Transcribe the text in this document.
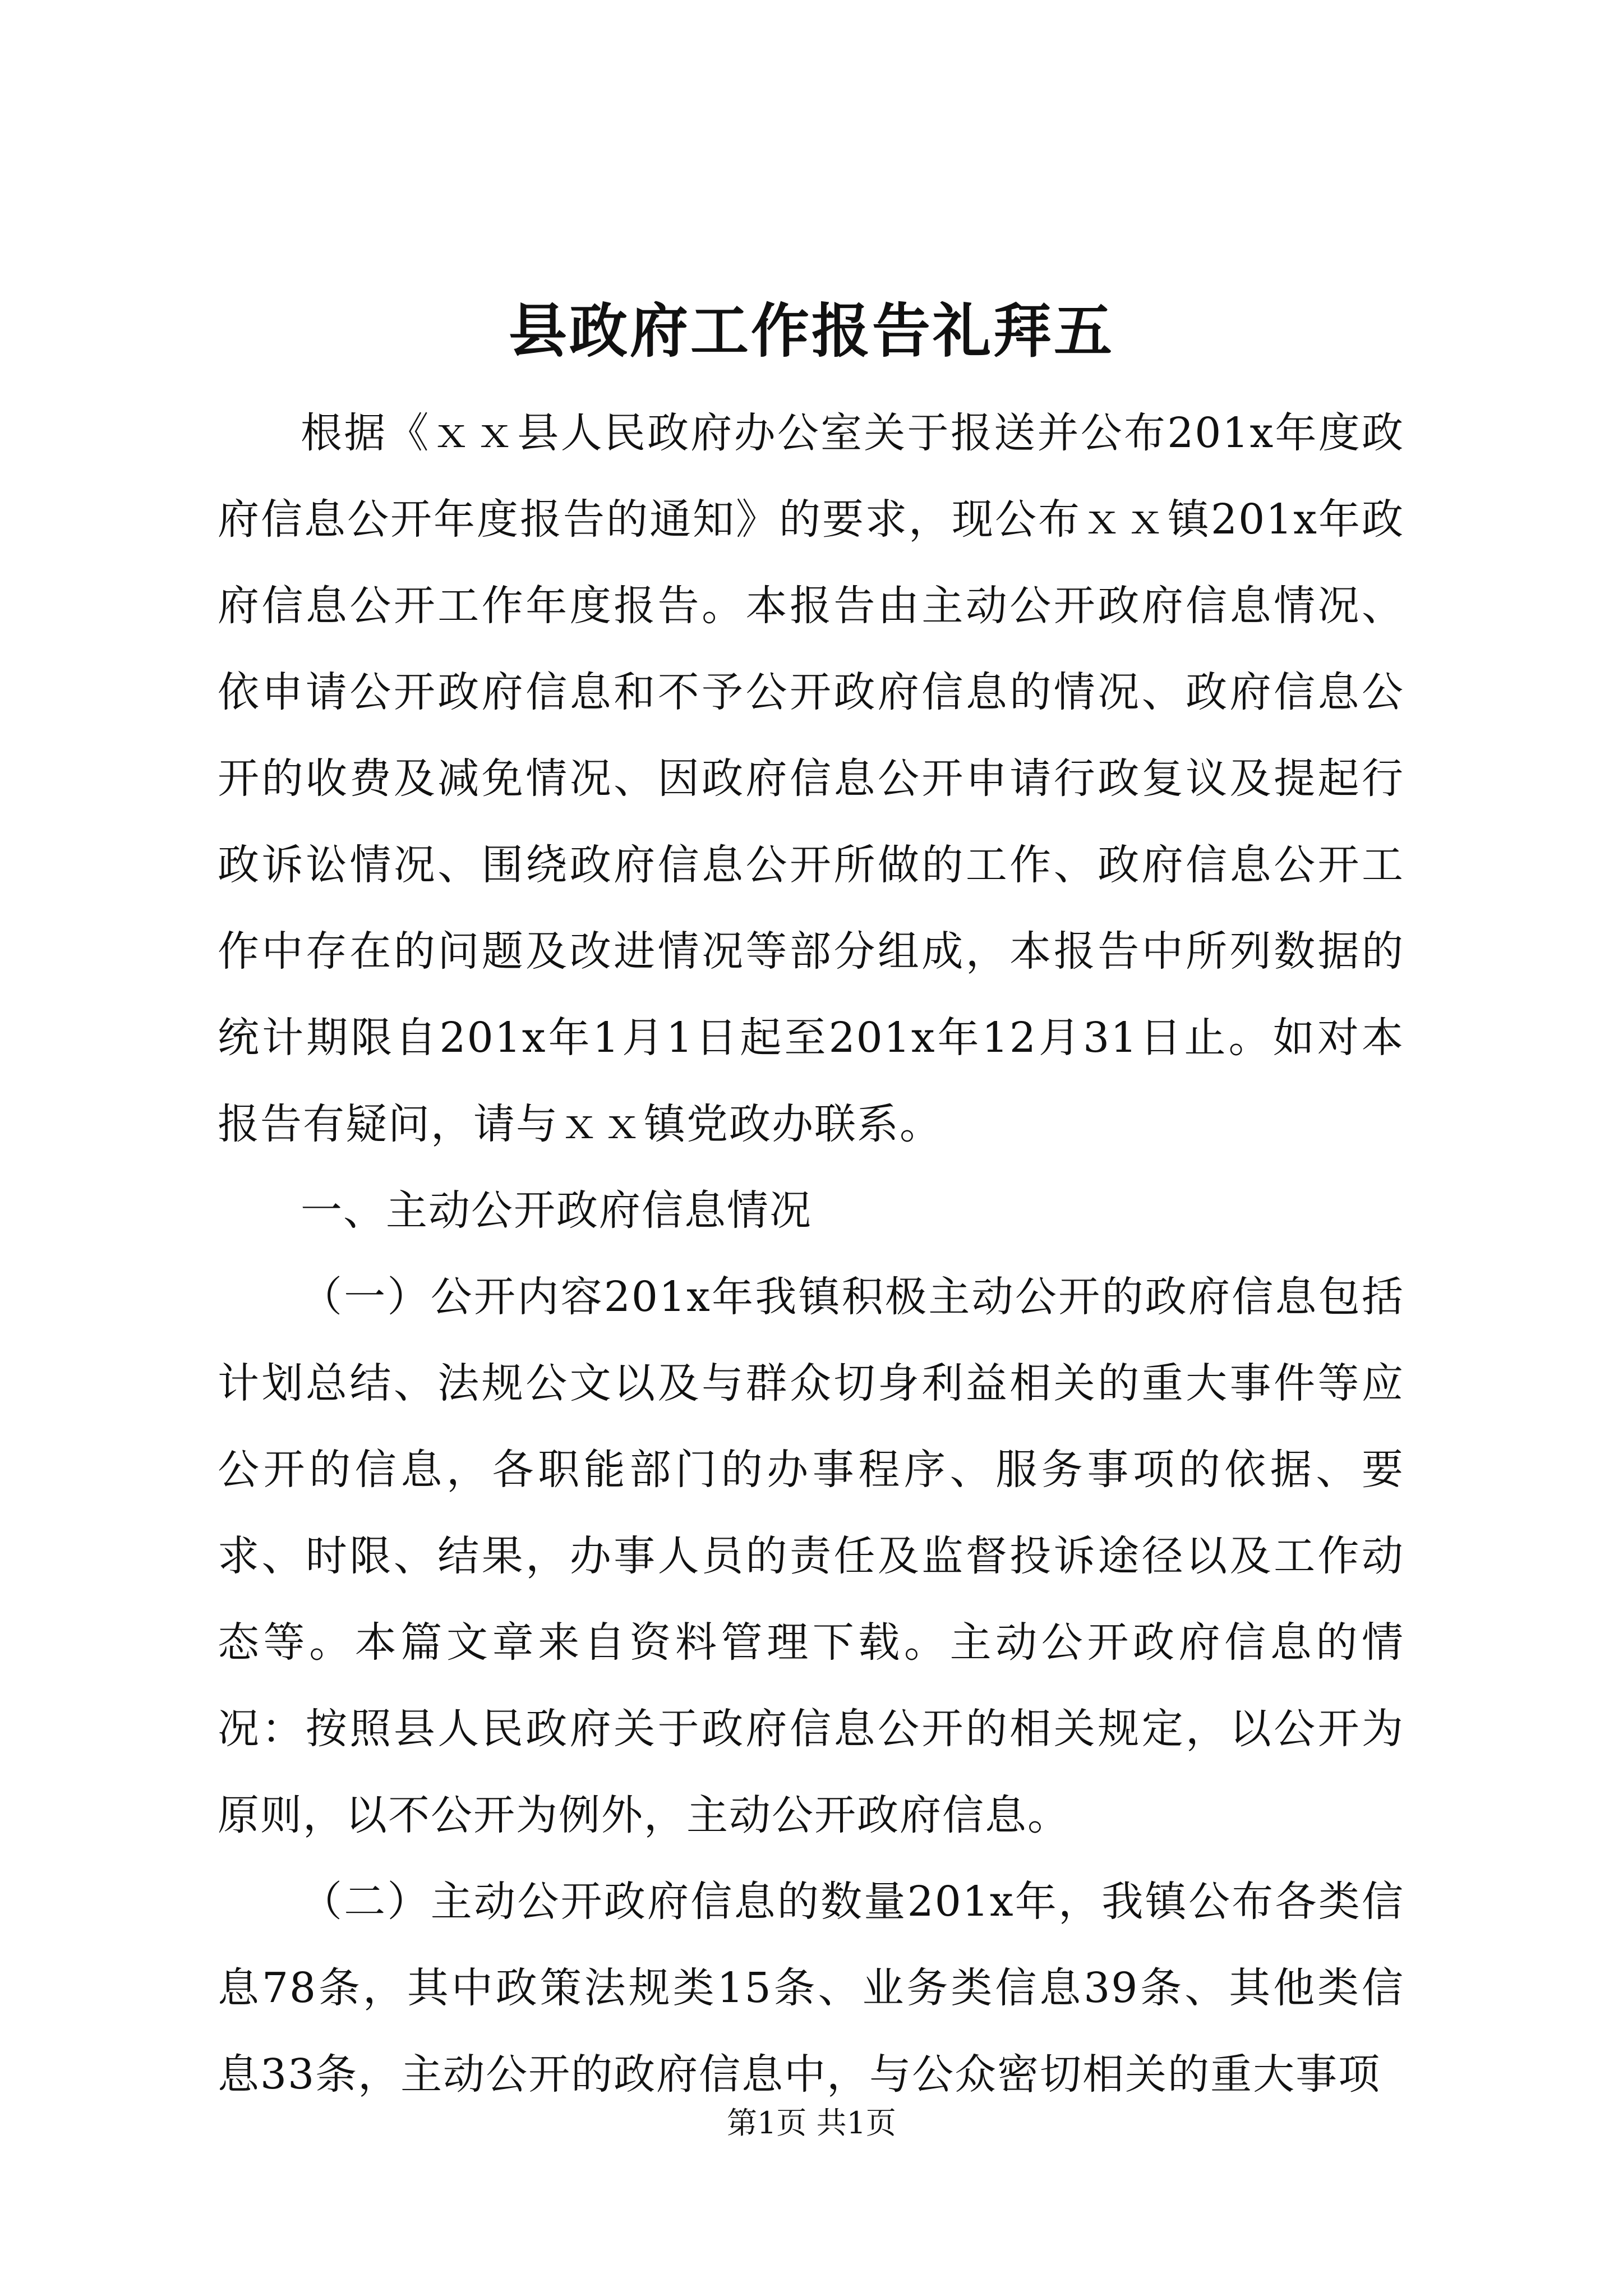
县政府工作报告礼拜五

根据《ｘｘ县人民政府办公室关于报送并公布201x年度政府信息公开年度报告的通知》的要求，现公布ｘｘ镇201x年政府信息公开工作年度报告。本报告由主动公开政府信息情况、依申请公开政府信息和不予公开政府信息的情况、政府信息公开的收费及减免情况、因政府信息公开申请行政复议及提起行政诉讼情况、围绕政府信息公开所做的工作、政府信息公开工作中存在的问题及改进情况等部分组成，本报告中所列数据的统计期限自201x年1月1日起至201x年12月31日止。如对本报告有疑问，请与ｘｘ镇党政办联系。

一、主动公开政府信息情况

（一）公开内容201x年我镇积极主动公开的政府信息包括计划总结、法规公文以及与群众切身利益相关的重大事件等应公开的信息，各职能部门的办事程序、服务事项的依据、要求、时限、结果，办事人员的责任及监督投诉途径以及工作动态等。本篇文章来自资料管理下载。主动公开政府信息的情况：按照县人民政府关于政府信息公开的相关规定，以公开为原则，以不公开为例外，主动公开政府信息。

（二）主动公开政府信息的数量201x年，我镇公布各类信息78条，其中政策法规类15条、业务类信息39条、其他类信息33条，主动公开的政府信息中，与公众密切相关的重大事项

第1页 共1页
